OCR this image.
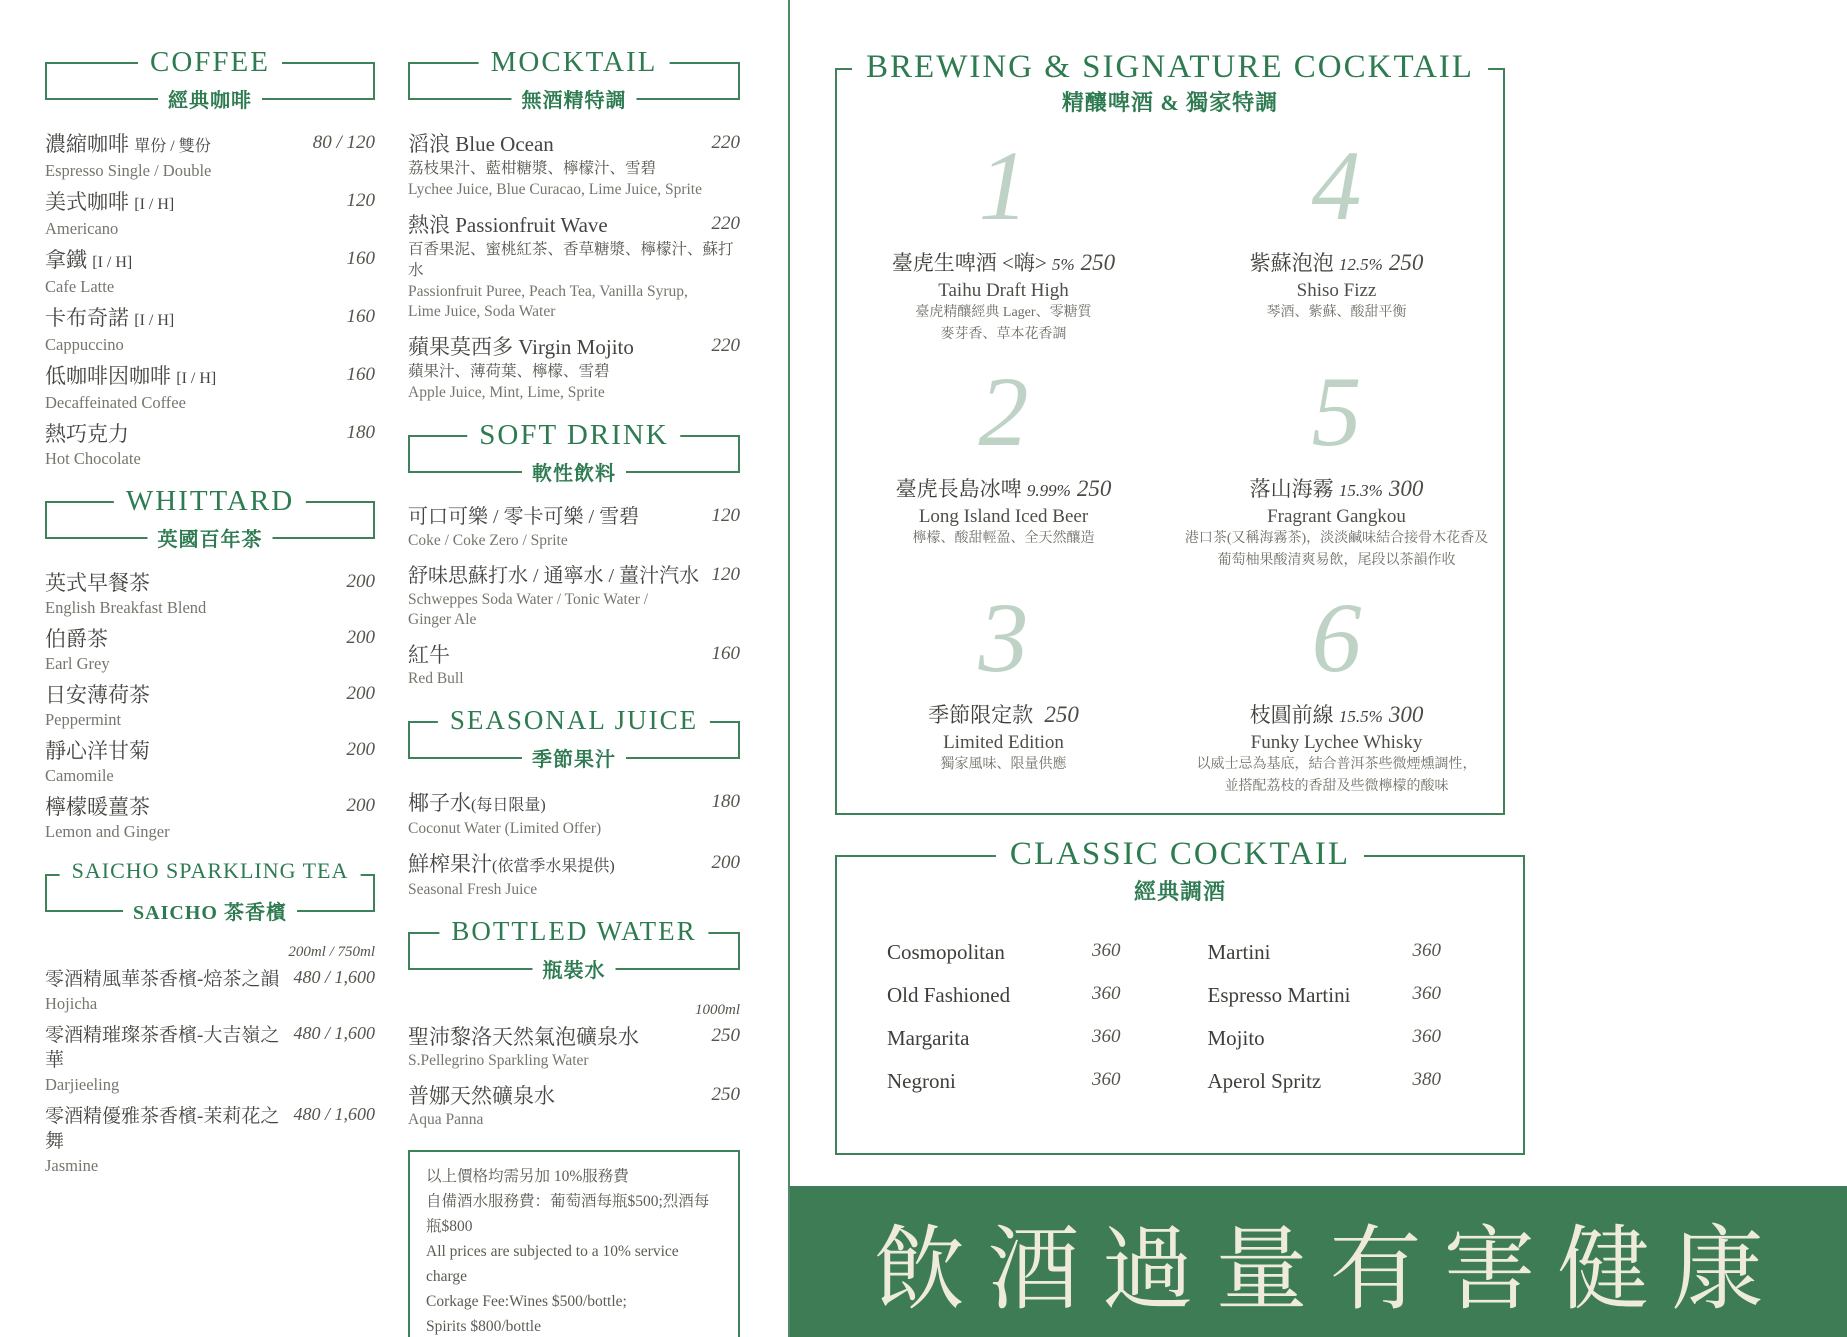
COFFEE
經典咖啡
濃縮咖啡 單份 / 雙份
Espresso Single / Double
80 / 120
美式咖啡 [I / H]
Americano
120
拿鐵 [I / H]
Cafe Latte
160
卡布奇諾 [I / H]
Cappuccino
160
低咖啡因咖啡 [I / H]
Decaffeinated Coffee
160
熱巧克力
Hot Chocolate
180
WHITTARD
英國百年茶
英式早餐茶
English Breakfast Blend
200
伯爵茶
Earl Grey
200
日安薄荷茶
Peppermint
200
靜心洋甘菊
Camomile
200
檸檬暖薑茶
Lemon and Ginger
200
SAICHO SPARKLING TEA
SAICHO 茶香檳
200ml / 750ml
零酒精風華茶香檳-焙茶之韻
Hojicha
480 / 1,600
零酒精璀璨茶香檳-大吉嶺之華
Darjieeling
480 / 1,600
零酒精優雅茶香檳-茉莉花之舞
Jasmine
480 / 1,600
MOCKTAIL
無酒精特調
滔浪 Blue Ocean	220
荔枝果汁、藍柑糖漿、檸檬汁、雪碧
Lychee Juice, Blue Curacao, Lime Juice, Sprite
熱浪 Passionfruit Wave	220
百香果泥、蜜桃紅茶、香草糖漿、檸檬汁、蘇打水
Passionfruit Puree, Peach Tea, Vanilla Syrup, Lime Juice, Soda Water
蘋果莫西多 Virgin Mojito	220
蘋果汁、薄荷葉、檸檬、雪碧
Apple Juice, Mint, Lime, Sprite
SOFT DRINK
軟性飲料
可口可樂 / 零卡可樂 / 雪碧	120
Coke / Coke Zero / Sprite
舒味思蘇打水 / 通寧水 / 薑汁汽水 120
Schweppes Soda Water / Tonic Water / Ginger Ale
紅牛	160
Red Bull
SEASONAL JUICE
季節果汁
椰子水(每日限量)	180
Coconut Water (Limited Offer)
鮮榨果汁(依當季水果提供)	200
Seasonal Fresh Juice
BOTTLED WATER
瓶裝水
1000ml
聖沛黎洛天然氣泡礦泉水	250
S.Pellegrino Sparkling Water
普娜天然礦泉水	250
Aqua Panna
以上價格均需另加 10%服務費
自備酒水服務費：葡萄酒每瓶$500;烈酒每瓶$800
All prices are subjected to a 10% service charge
Corkage Fee:Wines $500/bottle;
Spirits $800/bottle
BREWING & SIGNATURE COCKTAIL
精釀啤酒 & 獨家特調
1
臺虎生啤酒 <嗨> 5% 250
Taihu Draft High
臺虎精釀經典 Lager、零糖質
麥芽香、草本花香調
4
紫蘇泡泡 12.5% 250
Shiso Fizz
琴酒、紫蘇、酸甜平衡
2
臺虎長島冰啤 9.99% 250
Long Island Iced Beer
檸檬、酸甜輕盈、全天然釀造
5
落山海霧 15.3% 300
Fragrant Gangkou
港口茶(又稱海霧茶)，淡淡鹹味結合接骨木花香及
葡萄柚果酸清爽易飲，尾段以茶韻作收
3
季節限定款 250
Limited Edition
獨家風味、限量供應
6
枝圓前線 15.5% 300
Funky Lychee Whisky
以威士忌為基底，結合普洱茶些微煙燻調性，
並搭配荔枝的香甜及些微檸檬的酸味
CLASSIC COCKTAIL
經典調酒
Cosmopolitan	360
Old Fashioned	360
Margarita	360
Negroni	360
Martini	360
Espresso Martini	360
Mojito	360
Aperol Spritz	380
飲酒過量有害健康
